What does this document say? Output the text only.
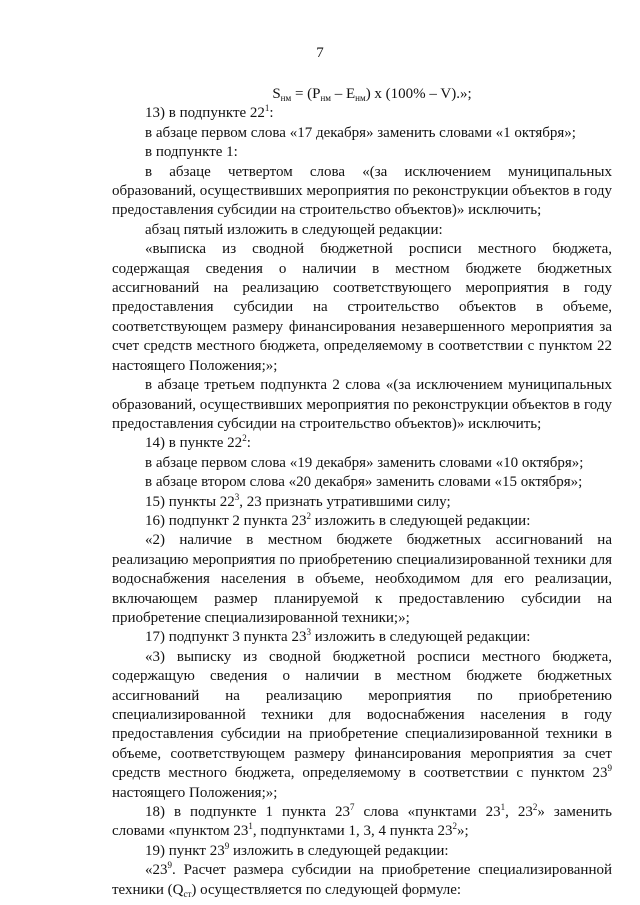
7

$S_{нм} = (P_{нм} - E_{нм})$ x (100% – V).»;

13) в подпункте $22^1$:

в абзаце первом слова «17 декабря» заменить словами «1 октября»;

в подпункте 1:

в абзаце четвертом слова «(за исключением муниципальных образований, осуществивших мероприятия по реконструкции объектов в году предоставления субсидии на строительство объектов)» исключить;

абзац пятый изложить в следующей редакции:

«выписка из сводной бюджетной росписи местного бюджета, содержащая сведения о наличии в местном бюджете бюджетных ассигнований на реализацию соответствующего мероприятия в году предоставления субсидии на строительство объектов в объеме, соответствующем размеру финансирования незавершенного мероприятия за счет средств местного бюджета, определяемому в соответствии с пунктом 22 настоящего Положения;»;

в абзаце третьем подпункта 2 слова «(за исключением муниципальных образований, осуществивших мероприятия по реконструкции объектов в году предоставления субсидии на строительство объектов)» исключить;

14) в пункте $22^2$:

в абзаце первом слова «19 декабря» заменить словами «10 октября»;

в абзаце втором слова «20 декабря» заменить словами «15 октября»;

15) пункты $22^3$, 23 признать утратившими силу;

16) подпункт 2 пункта $23^2$ изложить в следующей редакции:

«2) наличие в местном бюджете бюджетных ассигнований на реализацию мероприятия по приобретению специализированной техники для водоснабжения населения в объеме, необходимом для его реализации, включающем размер планируемой к предоставлению субсидии на приобретение специализированной техники;»;

17) подпункт 3 пункта $23^3$ изложить в следующей редакции:

«3) выписку из сводной бюджетной росписи местного бюджета, содержащую сведения о наличии в местном бюджете бюджетных ассигнований на реализацию мероприятия по приобретению специализированной техники для водоснабжения населения в году предоставления субсидии на приобретение специализированной техники в объеме, соответствующем размеру финансирования мероприятия за счет средств местного бюджета, определяемому в соответствии с пунктом $23^9$ настоящего Положения;»;

18) в подпункте 1 пункта $23^7$ слова «пунктами $23^1$, $23^2$» заменить словами «пунктом $23^1$, подпунктами 1, 3, 4 пункта $23^2$»;

19) пункт $23^9$ изложить в следующей редакции:

«$23^9$. Расчет размера субсидии на приобретение специализированной техники $(Q_{ст})$ осуществляется по следующей формуле:
